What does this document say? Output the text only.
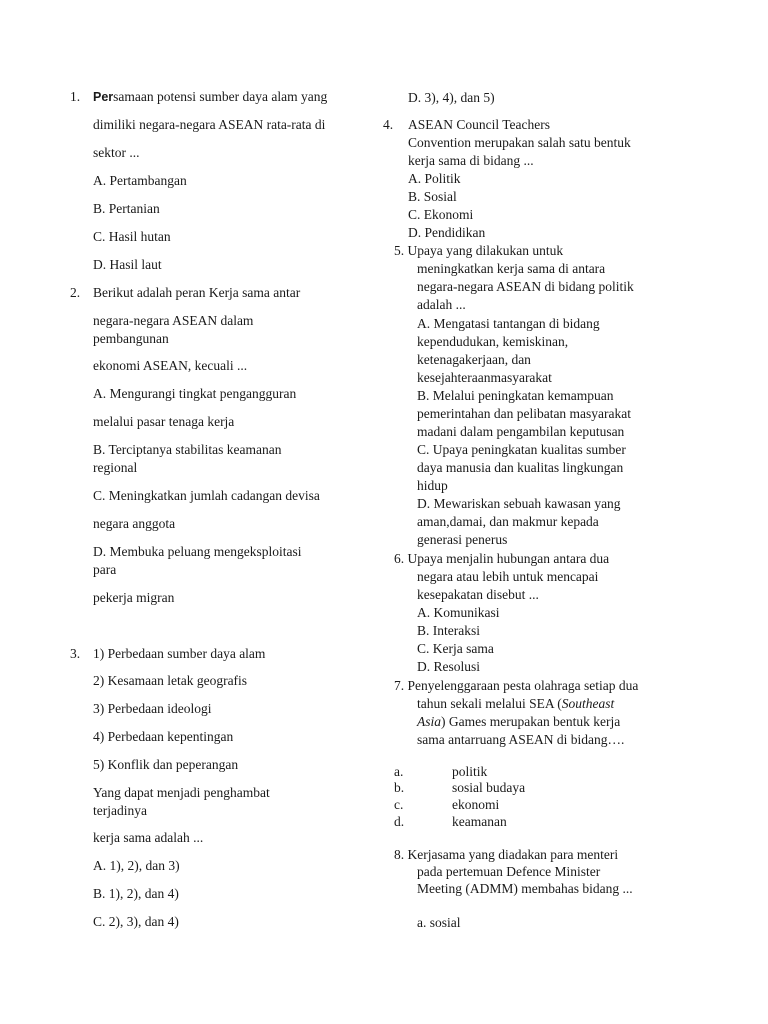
1. Persamaan potensi sumber daya alam yang
dimiliki negara-negara ASEAN rata-rata di
sektor ...
A. Pertambangan
B. Pertanian
C. Hasil hutan
D. Hasil laut
2. Berikut adalah peran Kerja sama antar
negara-negara ASEAN dalam
pembangunan
ekonomi ASEAN, kecuali ...
A. Mengurangi tingkat pengangguran
melalui pasar tenaga kerja
B. Terciptanya stabilitas keamanan
regional
C. Meningkatkan jumlah cadangan devisa
negara anggota
D. Membuka peluang mengeksploitasi
para
pekerja migran
3. 1) Perbedaan sumber daya alam
2) Kesamaan letak geografis
3) Perbedaan ideologi
4) Perbedaan kepentingan
5) Konflik dan peperangan
Yang dapat menjadi penghambat
terjadinya
kerja sama adalah ...
A. 1), 2), dan 3)
B. 1), 2), dan 4)
C. 2), 3), dan 4)
D. 3), 4), dan 5)
4. ASEAN Council Teachers
Convention merupakan salah satu bentuk
kerja sama di bidang ...
A. Politik
B. Sosial
C. Ekonomi
D. Pendidikan
5. Upaya yang dilakukan untuk
meningkatkan kerja sama di antara
negara-negara ASEAN di bidang politik
adalah ...
A. Mengatasi tantangan di bidang
kependudukan, kemiskinan,
ketenagakerjaan, dan
kesejahteraanmasyarakat
B. Melalui peningkatan kemampuan
pemerintahan dan pelibatan masyarakat
madani dalam pengambilan keputusan
C. Upaya peningkatan kualitas sumber
daya manusia dan kualitas lingkungan
hidup
D. Mewariskan sebuah kawasan yang
aman,damai, dan makmur kepada
generasi penerus
6. Upaya menjalin hubungan antara dua
negara atau lebih untuk mencapai
kesepakatan disebut ...
A. Komunikasi
B. Interaksi
C. Kerja sama
D. Resolusi
7. Penyelenggaraan pesta olahraga setiap dua
tahun sekali melalui SEA (Southeast
Asia) Games merupakan bentuk kerja
sama antarruang ASEAN di bidang….
a.	politik
b.	sosial budaya
c.	ekonomi
d.	keamanan
8. Kerjasama yang diadakan para menteri
pada pertemuan Defence Minister
Meeting (ADMM) membahas bidang ...
a. sosial
